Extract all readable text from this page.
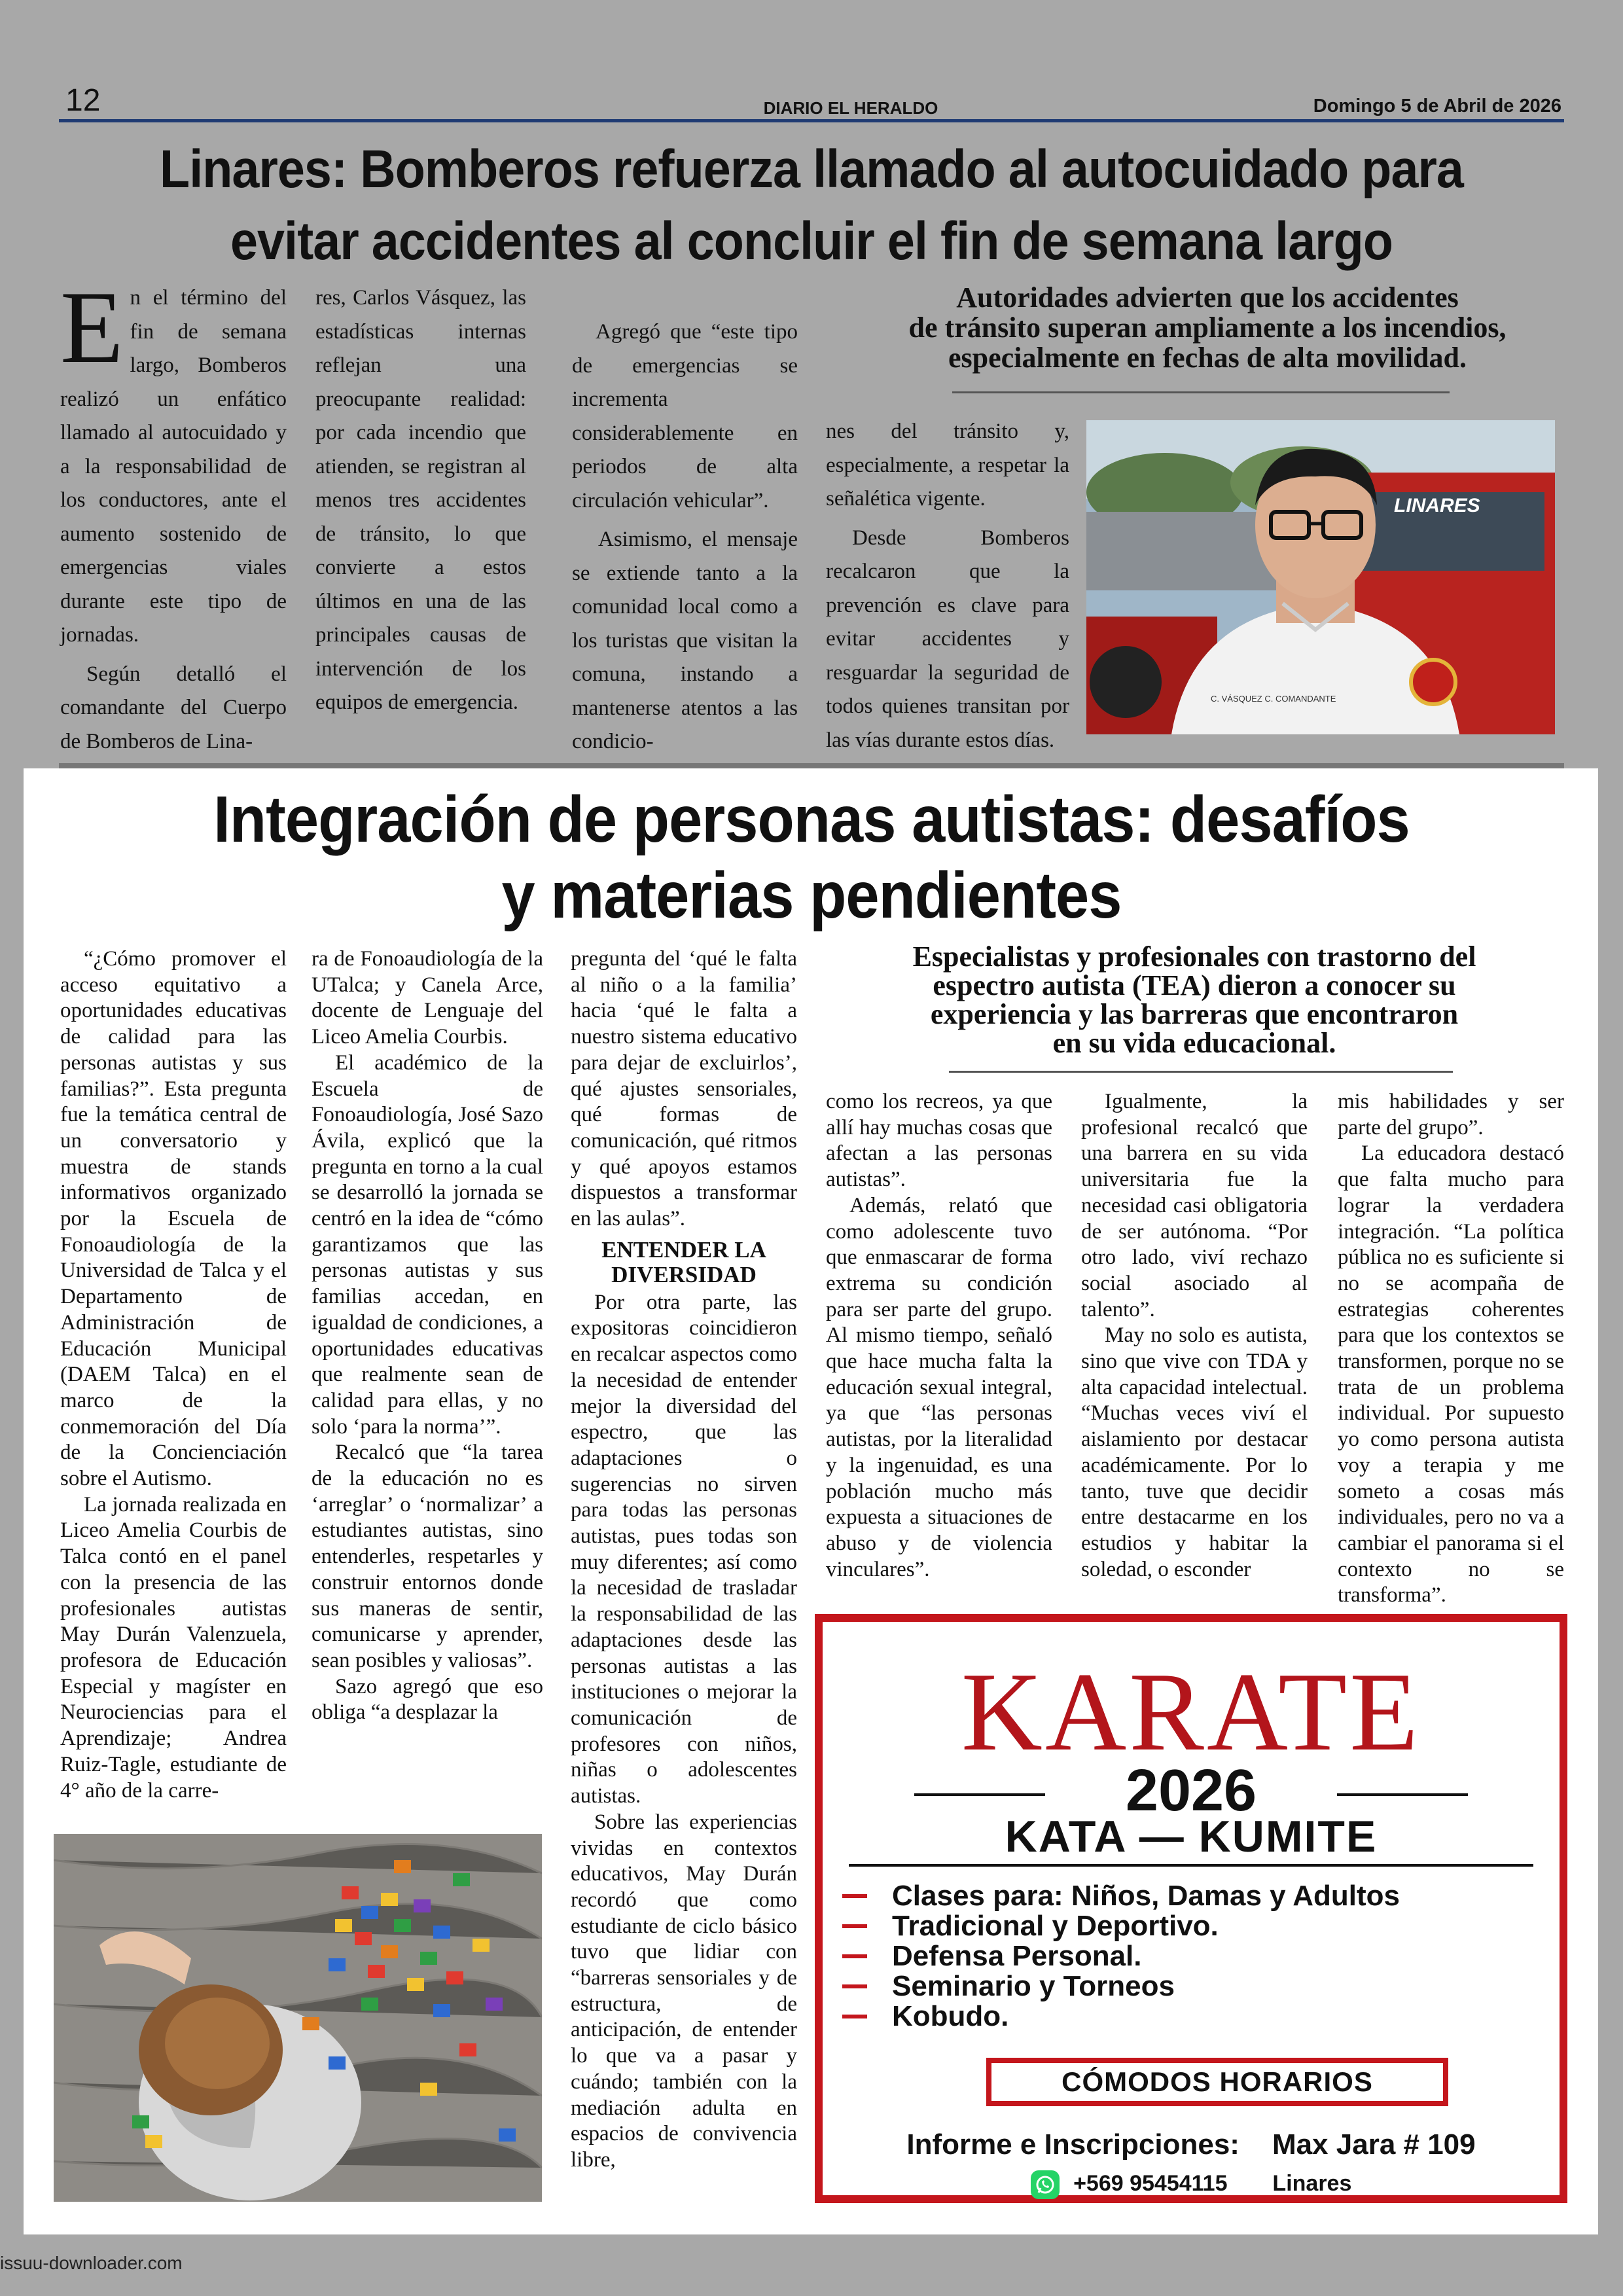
12	DIARIO EL HERALDO	Domingo 5 de Abril de 2026
Linares: Bomberos refuerza llamado al autocuidado para
evitar accidentes al concluir el fin de semana largo

En el término del fin de semana largo, Bomberos realizó un enfático llamado al autocuidado y a la responsabilidad de los conductores, ante el aumento sostenido de emergencias viales durante este tipo de jornadas.

Según detalló el comandante del Cuerpo de Bomberos de Lina-

res, Carlos Vásquez, las estadísticas internas reflejan una preocupante realidad: por cada incendio que atienden, se registran al menos tres accidentes de tránsito, lo que convierte a estos últimos en una de las principales causas de intervención de los equipos de emergencia.

Agregó que “este tipo de emergencias se incrementa considerablemente en periodos de alta circulación vehicular”.

Asimismo, el mensaje se extiende tanto a la comunidad local como a los turistas que visitan la comuna, instando a mantenerse atentos a las condicio-

Autoridades advierten que los accidentes
de tránsito superan ampliamente a los incendios,
especialmente en fechas de alta movilidad.

nes del tránsito y, especialmente, a respetar la señalética vigente.

Desde Bomberos recalcaron que la prevención es clave para evitar accidentes y resguardar la seguridad de todos quienes transitan por las vías durante estos días.

LINARES
C. VÁSQUEZ C. COMANDANTE
Integración de personas autistas: desafíos
y materias pendientes

“¿Cómo promover el acceso equitativo a oportunidades educativas de calidad para las personas autistas y sus familias?”. Esta pregunta fue la temática central de un conversatorio y muestra de stands informativos organizado por la Escuela de Fonoaudiología de la Universidad de Talca y el Departamento de Administración de Educación Municipal (DAEM Talca) en el marco de la conmemoración del Día de la Concienciación sobre el Autismo.

La jornada realizada en Liceo Amelia Courbis de Talca contó en el panel con la presencia de las profesionales autistas May Durán Valenzuela, profesora de Educación Especial y magíster en Neurociencias para el Aprendizaje; Andrea Ruiz-Tagle, estudiante de 4° año de la carre-

ra de Fonoaudiología de la UTalca; y Canela Arce, docente de Lenguaje del Liceo Amelia Courbis.

El académico de la Escuela de Fonoaudiología, José Sazo Ávila, explicó que la pregunta en torno a la cual se desarrolló la jornada se centró en la idea de “cómo garantizamos que las personas autistas y sus familias accedan, en igualdad de condiciones, a oportunidades educativas que realmente sean de calidad para ellas, y no solo ‘para la norma’”.

Recalcó que “la tarea de la educación no es ‘arreglar’ o ‘normalizar’ a estudiantes autistas, sino entenderles, respetarles y construir entornos donde sus maneras de sentir, comunicarse y aprender, sean posibles y valiosas”.

Sazo agregó que eso obliga “a desplazar la

pregunta del ‘qué le falta al niño o a la familia’ hacia ‘qué le falta a nuestro sistema educativo para dejar de excluirlos’, qué ajustes sensoriales, qué formas de comunicación, qué ritmos y qué apoyos estamos dispuestos a transformar en las aulas”.

ENTENDER LA
DIVERSIDAD

Por otra parte, las expositoras coincidieron en recalcar aspectos como la necesidad de entender mejor la diversidad del espectro, que las adaptaciones o sugerencias no sirven para todas las personas autistas, pues todas son muy diferentes; así como la necesidad de trasladar la responsabilidad de las adaptaciones desde las personas autistas a las instituciones o mejorar la comunicación de profesores con niños, niñas o adolescentes autistas.

Sobre las experiencias vividas en contextos educativos, May Durán recordó que como estudiante de ciclo básico tuvo que lidiar con “barreras sensoriales y de estructura, de anticipación, de entender lo que va a pasar y cuándo; también con la mediación adulta en espacios de convivencia libre,

Especialistas y profesionales con trastorno del
espectro autista (TEA) dieron a conocer su
experiencia y las barreras que encontraron
en su vida educacional.

como los recreos, ya que allí hay muchas cosas que afectan a las personas autistas”.

Además, relató que como adolescente tuvo que enmascarar de forma extrema su condición para ser parte del grupo. Al mismo tiempo, señaló que hace mucha falta la educación sexual integral, ya que “las personas autistas, por la literalidad y la ingenuidad, es una población mucho más expuesta a situaciones de abuso y de violencia vinculares”.

Igualmente, la profesional recalcó que una barrera en su vida universitaria fue la necesidad casi obligatoria de ser autónoma. “Por otro lado, viví rechazo social asociado al talento”.

May no solo es autista, sino que vive con TDA y alta capacidad intelectual. “Muchas veces viví el aislamiento por destacar académicamente. Por lo tanto, tuve que decidir entre destacarme en los estudios y habitar la soledad, o esconder

mis habilidades y ser parte del grupo”.

La educadora destacó que falta mucho para lograr la verdadera integración. “La política pública no es suficiente si no se acompaña de estrategias coherentes para que los contextos se transformen, porque no se trata de un problema individual. Por supuesto yo como persona autista voy a terapia y me someto a cosas más individuales, pero no va a cambiar el panorama si el contexto no se transforma”.

KARATE
2026
KATA — KUMITE
Clases para: Niños, Damas y Adultos
Tradicional y Deportivo.
Defensa Personal.
Seminario y Torneos
Kobudo.
CÓMODOS HORARIOS
Informe e Inscripciones: Max Jara # 109
+569 95454115 Linares
issuu-downloader.com
